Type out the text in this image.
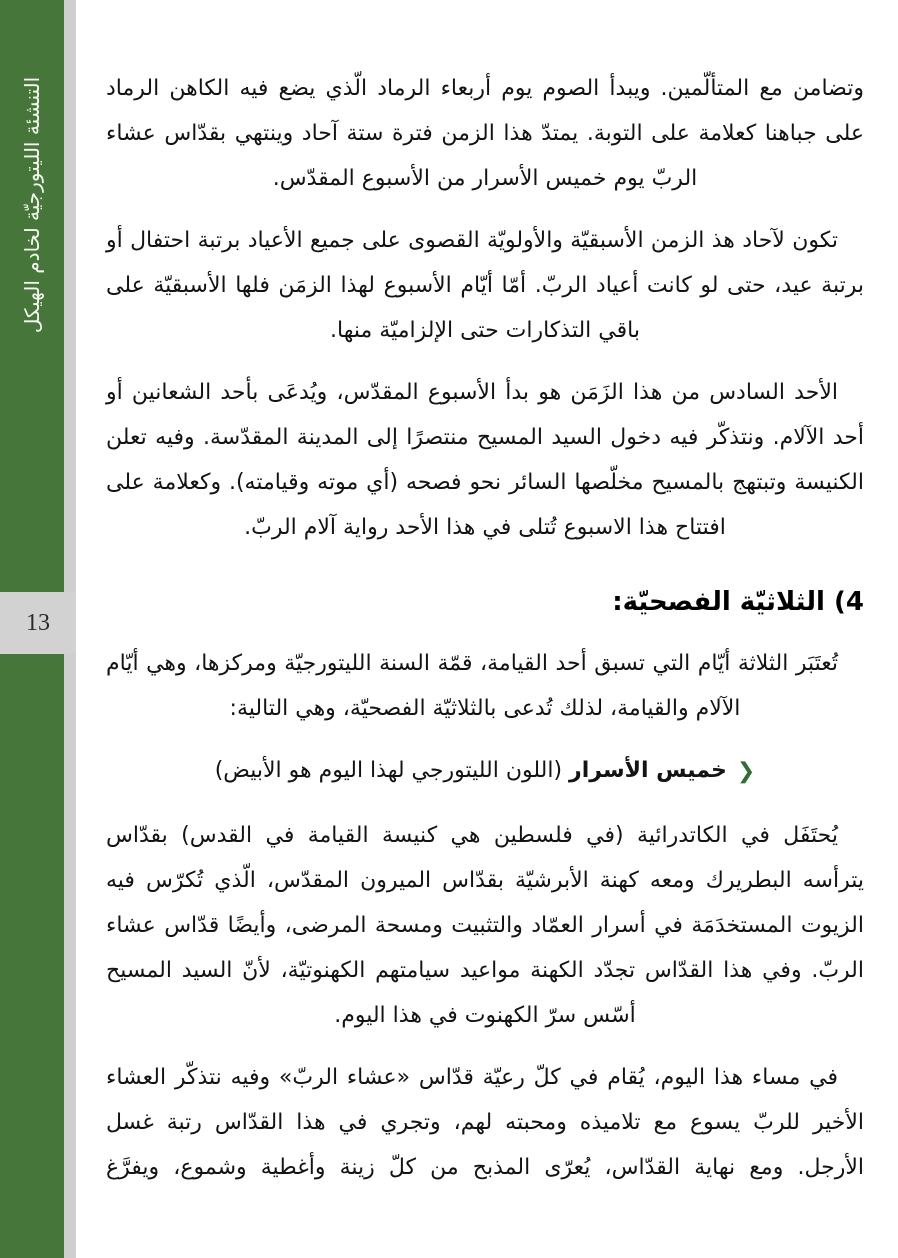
التنشئة الليتورجيّة لخادم الهيكل
13

وتضامن مع المتألّمين. ويبدأ الصوم يوم أربعاء الرماد الّذي يضع فيه الكاهن الرماد على جباهنا كعلامة على التوبة. يمتدّ هذا الزمن فترة ستة آحاد وينتهي بقدّاس عشاء الربّ يوم خميس الأسرار من الأسبوع المقدّس.

تكون لآحاد هذ الزمن الأسبقيّة والأولويّة القصوى على جميع الأعياد برتبة احتفال أو برتبة عيد، حتى لو كانت أعياد الربّ. أمّا أيّام الأسبوع لهذا الزمَن فلها الأسبقيّة على باقي التذكارات حتى الإلزاميّة منها.

الأحد السادس من هذا الزَمَن هو بدأ الأسبوع المقدّس، ويُدعَى بأحد الشعانين أو أحد الآلام. ونتذكّر فيه دخول السيد المسيح منتصرًا إلى المدينة المقدّسة. وفيه تعلن الكنيسة وتبتهج بالمسيح مخلّصها السائر نحو فصحه (أي موته وقيامته). وكعلامة على افتتاح هذا الاسبوع تُتلى في هذا الأحد رواية آلام الربّ.

4) الثلاثيّة الفصحيّة:

تُعتَبَر الثلاثة أيّام التي تسبق أحد القيامة، قمّة السنة الليتورجيّة ومركزها، وهي أيّام الآلام والقيامة، لذلك تُدعى بالثلاثيّة الفصحيّة، وهي التالية:

❮خميس الأسرار (اللون الليتورجي لهذا اليوم هو الأبيض)

يُحتَفَل في الكاتدرائية (في فلسطين هي كنيسة القيامة في القدس) بقدّاس يترأسه البطريرك ومعه كهنة الأبرشيّة بقدّاس الميرون المقدّس، الّذي تُكرّس فيه الزيوت المستخدَمَة في أسرار العمّاد والتثبيت ومسحة المرضى، وأيضًا قدّاس عشاء الربّ. وفي هذا القدّاس تجدّد الكهنة مواعيد سيامتهم الكهنوتيّة، لأنّ السيد المسيح أسّس سرّ الكهنوت في هذا اليوم.

في مساء هذا اليوم، يُقام في كلّ رعيّة قدّاس «عشاء الربّ» وفيه نتذكّر العشاء الأخير للربّ يسوع مع تلاميذه ومحبته لهم، وتجري في هذا القدّاس رتبة غسل الأرجل. ومع نهاية القدّاس، يُعرّى المذبح من كلّ زينة وأغطية وشموع، ويفرَّغ
